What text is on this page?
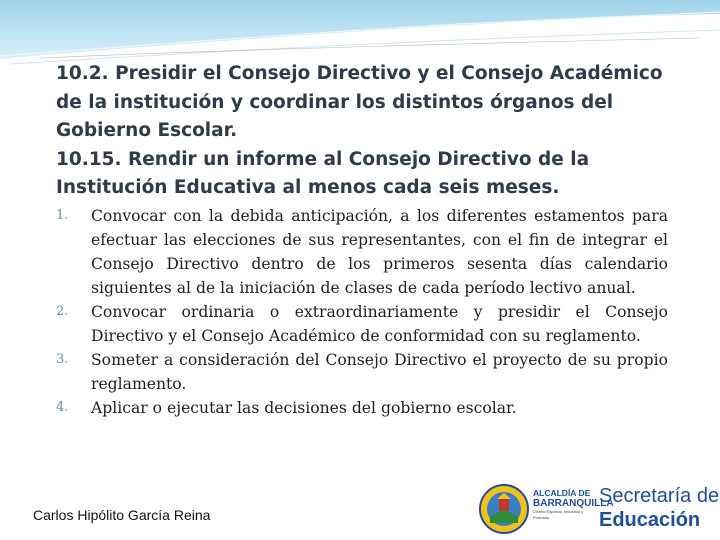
10.2. Presidir el Consejo Directivo y el Consejo Académico
de la institución y coordinar los distintos órganos del
Gobierno Escolar.
10.15. Rendir un informe al Consejo Directivo de la
Institución Educativa al menos cada seis meses.
1. Convocar con la debida anticipación, a los diferentes estamentos para efectuar las elecciones de sus representantes, con el fin de integrar el Consejo Directivo dentro de los primeros sesenta días calendario siguientes al de la iniciación de clases de cada período lectivo anual.
2. Convocar ordinaria o extraordinariamente y presidir el Consejo Directivo y el Consejo Académico de conformidad con su reglamento.
3. Someter a consideración del Consejo Directivo el proyecto de su propio reglamento.
4. Aplicar o ejecutar las decisiones del gobierno escolar.
Carlos Hipólito García Reina
ALCALDÍA DE
BARRANQUILLA
Distrito Especial, Industrial y Portuario
Secretaría de
Educación
